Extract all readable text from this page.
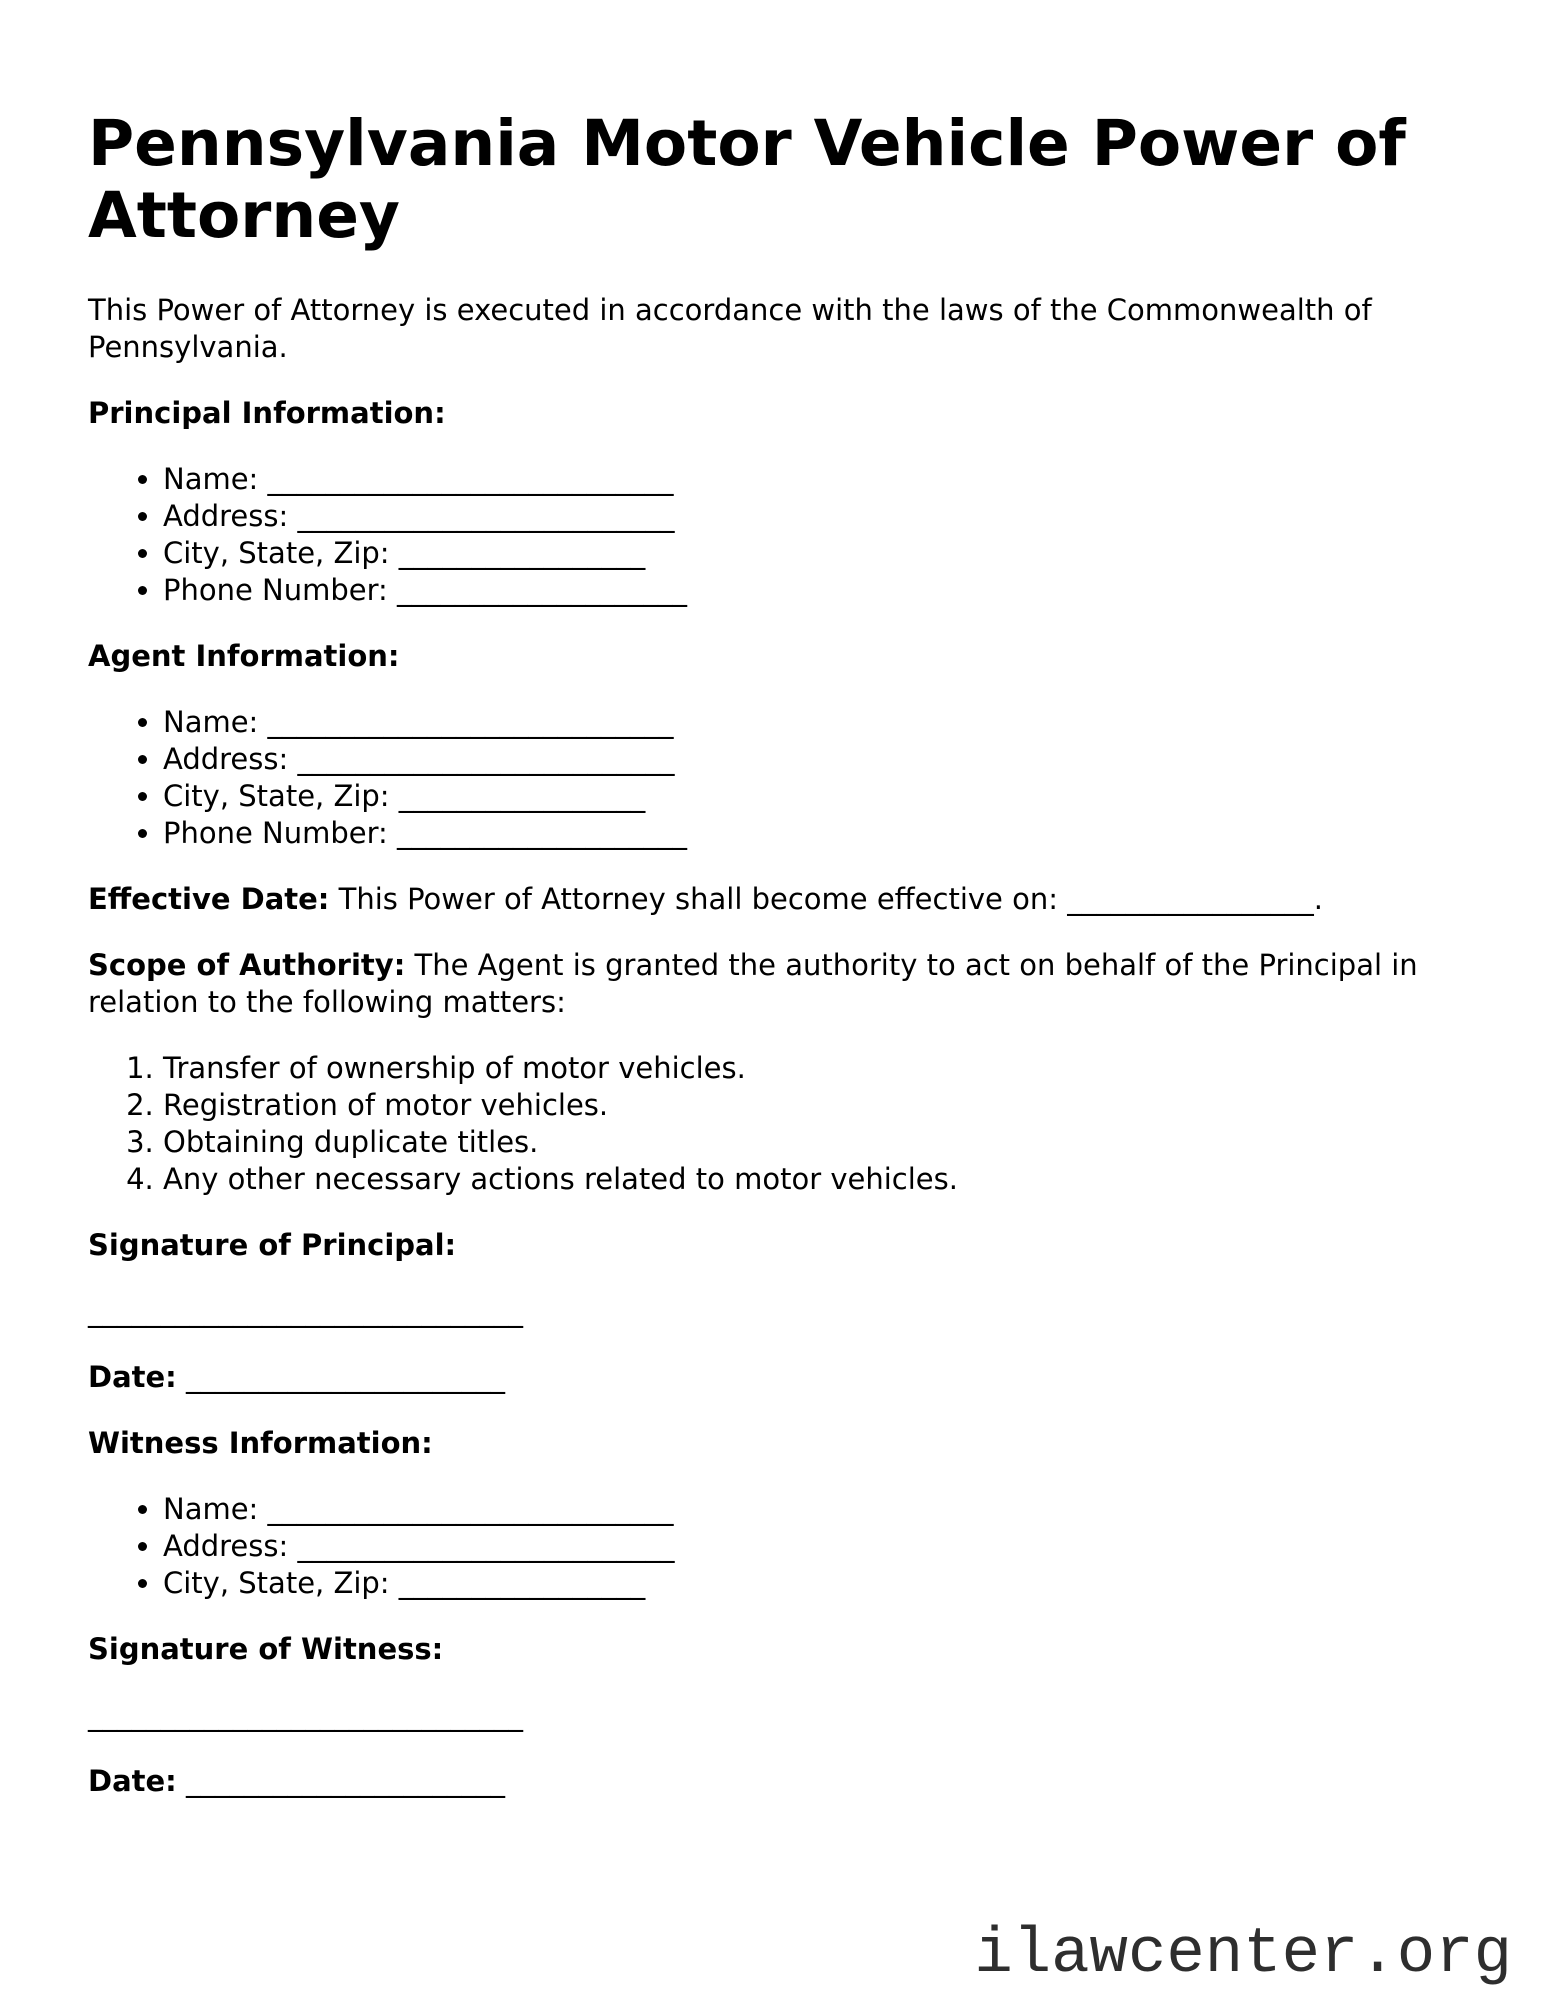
Pennsylvania Motor Vehicle Power of Attorney

This Power of Attorney is executed in accordance with the laws of the Commonwealth of Pennsylvania.

Principal Information:
• Name: ____________________________
• Address: __________________________
• City, State, Zip: _________________
• Phone Number: ____________________
Agent Information:
• Name: ____________________________
• Address: __________________________
• City, State, Zip: _________________
• Phone Number: ____________________

Effective Date: This Power of Attorney shall become effective on: _________________.

Scope of Authority: The Agent is granted the authority to act on behalf of the Principal in relation to the following matters:

1. Transfer of ownership of motor vehicles.
2. Registration of motor vehicles.
3. Obtaining duplicate titles.
4. Any other necessary actions related to motor vehicles.
Signature of Principal:

______________________________

Date: ______________________

Witness Information:
• Name: ____________________________
• Address: __________________________
• City, State, Zip: _________________
Signature of Witness:

______________________________

Date: ______________________

ilawcenter.org
